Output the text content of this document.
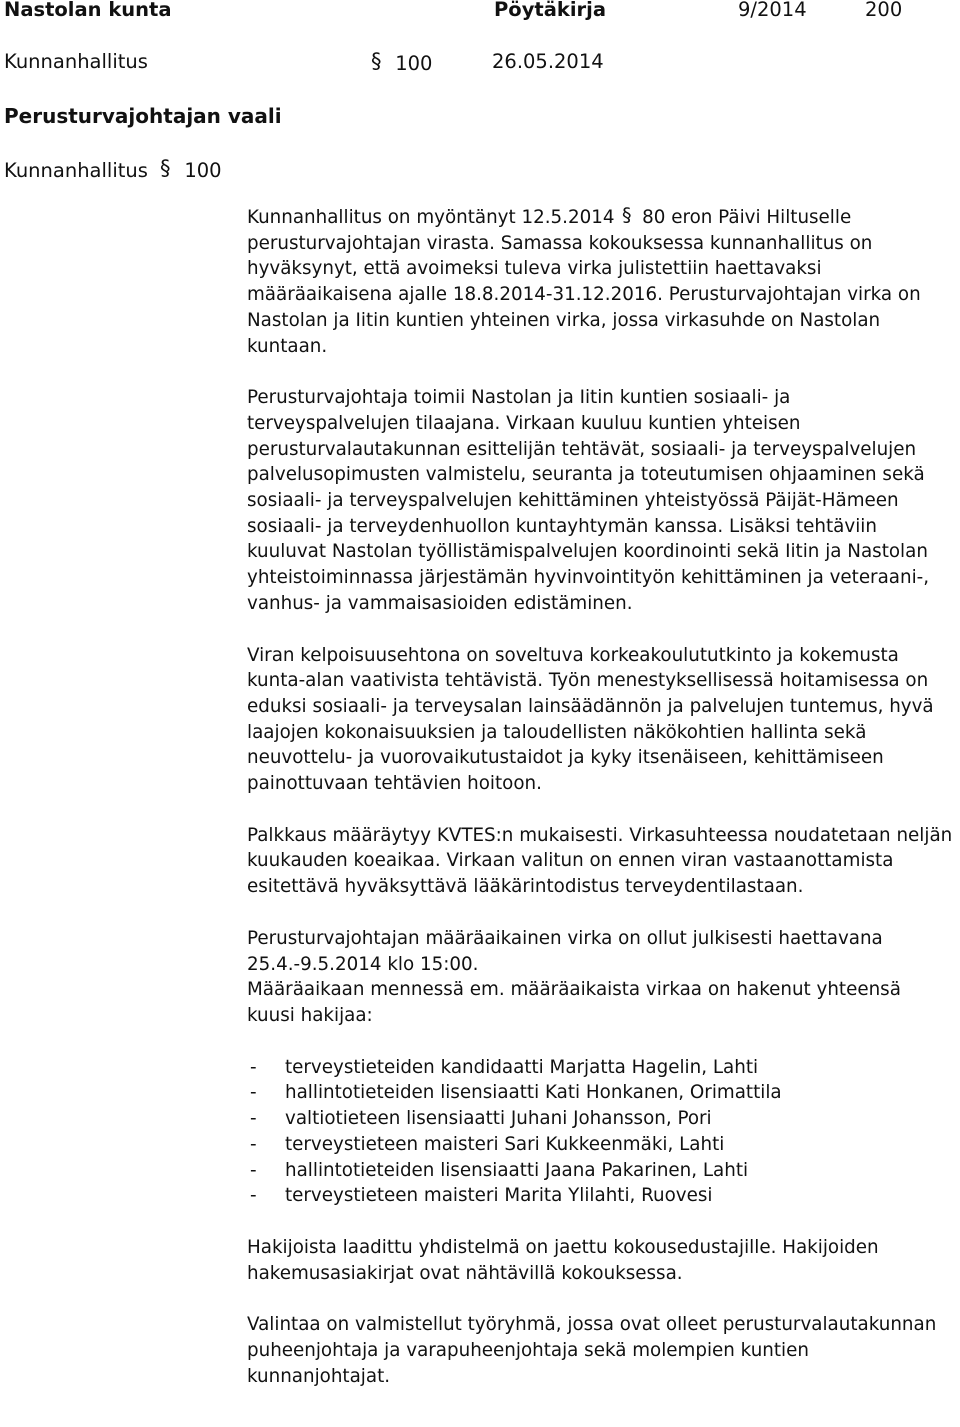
Nastolan kunta	Pöytäkirja	9/2014	200
Kunnanhallitus	§ 100	26.05.2014
Perusturvajohtajan vaali
Kunnanhallitus § 100

Kunnanhallitus on myöntänyt 12.5.2014 § 80 eron Päivi Hiltuselle perusturvajohtajan virasta. Samassa kokouksessa kunnanhallitus on hyväksynyt, että avoimeksi tuleva virka julistettiin haettavaksi määräaikaisena ajalle 18.8.2014-31.12.2016. Perusturvajohtajan virka on Nastolan ja Iitin kuntien yhteinen virka, jossa virkasuhde on Nastolan kuntaan.

Perusturvajohtaja toimii Nastolan ja Iitin kuntien sosiaali- ja terveyspalvelujen tilaajana. Virkaan kuuluu kuntien yhteisen perusturvalautakunnan esittelijän tehtävät, sosiaali- ja terveyspalvelujen palvelusopimusten valmistelu, seuranta ja toteutumisen ohjaaminen sekä sosiaali- ja terveyspalvelujen kehittäminen yhteistyössä Päijät-Hämeen sosiaali- ja terveydenhuollon kuntayhtymän kanssa. Lisäksi tehtäviin kuuluvat Nastolan työllistämispalvelujen koordinointi sekä Iitin ja Nastolan yhteistoiminnassa järjestämän hyvinvointityön kehittäminen ja veteraani-, vanhus- ja vammaisasioiden edistäminen.

Viran kelpoisuusehtona on soveltuva korkeakoulututkinto ja kokemusta kunta-alan vaativista tehtävistä. Työn menestyksellisessä hoitamisessa on eduksi sosiaali- ja terveysalan lainsäädännön ja palvelujen tuntemus, hyvä laajojen kokonaisuuksien ja taloudellisten näkökohtien hallinta sekä neuvottelu- ja vuorovaikutustaidot ja kyky itsenäiseen, kehittämiseen painottuvaan tehtävien hoitoon.

Palkkaus määräytyy KVTES:n mukaisesti. Virkasuhteessa noudatetaan neljän kuukauden koeaikaa. Virkaan valitun on ennen viran vastaanottamista esitettävä hyväksyttävä lääkärintodistus terveydentilastaan.

Perusturvajohtajan määräaikainen virka on ollut julkisesti haettavana
25.4.-9.5.2014 klo 15:00.
Määräaikaan mennessä em. määräaikaista virkaa on hakenut yhteensä kuusi hakijaa:

- terveystieteiden kandidaatti Marjatta Hagelin, Lahti
- hallintotieteiden lisensiaatti Kati Honkanen, Orimattila
- valtiotieteen lisensiaatti Juhani Johansson, Pori
- terveystieteen maisteri Sari Kukkeenmäki, Lahti
- hallintotieteiden lisensiaatti Jaana Pakarinen, Lahti
- terveystieteen maisteri Marita Ylilahti, Ruovesi

Hakijoista laadittu yhdistelmä on jaettu kokousedustajille. Hakijoiden hakemusasiakirjat ovat nähtävillä kokouksessa.

Valintaa on valmistellut työryhmä, jossa ovat olleet perusturvalautakunnan puheenjohtaja ja varapuheenjohtaja sekä molempien kuntien kunnanjohtajat.
